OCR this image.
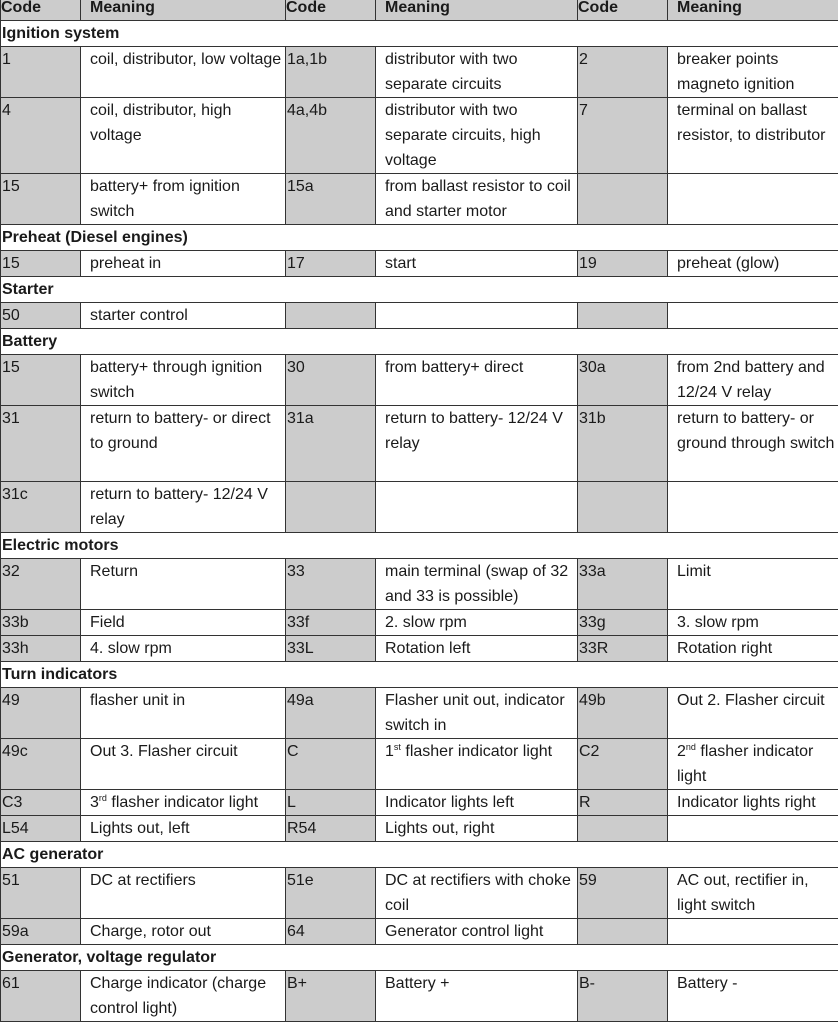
Code	Meaning	Code	Meaning	Code	Meaning
Ignition system					
1	coil, distributor, low voltage	1a,1b	distributor with two separate circuits	2	breaker points magneto ignition
4	coil, distributor, high voltage	4a,4b	distributor with two separate circuits, high voltage	7	terminal on ballast resistor, to distributor
15	battery+ from ignition switch	15a	from ballast resistor to coil and starter motor		
Preheat (Diesel engines)					
15	preheat in	17	start	19	preheat (glow)
Starter					
50	starter control				
Battery					
15	battery+ through ignition switch	30	from battery+ direct	30a	from 2nd battery and 12/24 V relay
31	return to battery- or direct to ground	31a	return to battery- 12/24 V relay	31b	return to battery- or ground through switch
31c	return to battery- 12/24 V relay				
Electric motors					
32	Return	33	main terminal (swap of 32 and 33 is possible)	33a	Limit
33b	Field	33f	2. slow rpm	33g	3. slow rpm
33h	4. slow rpm	33L	Rotation left	33R	Rotation right
Turn indicators					
49	flasher unit in	49a	Flasher unit out, indicator switch in	49b	Out 2. Flasher circuit
49c	Out 3. Flasher circuit	C	1st flasher indicator light	C2	2nd flasher indicator light
C3	3rd flasher indicator light	L	Indicator lights left	R	Indicator lights right
L54	Lights out, left	R54	Lights out, right		
AC generator					
51	DC at rectifiers	51e	DC at rectifiers with choke coil	59	AC out, rectifier in, light switch
59a	Charge, rotor out	64	Generator control light		
Generator, voltage regulator					
61	Charge indicator (charge control light)	B+	Battery +	B-	Battery -
